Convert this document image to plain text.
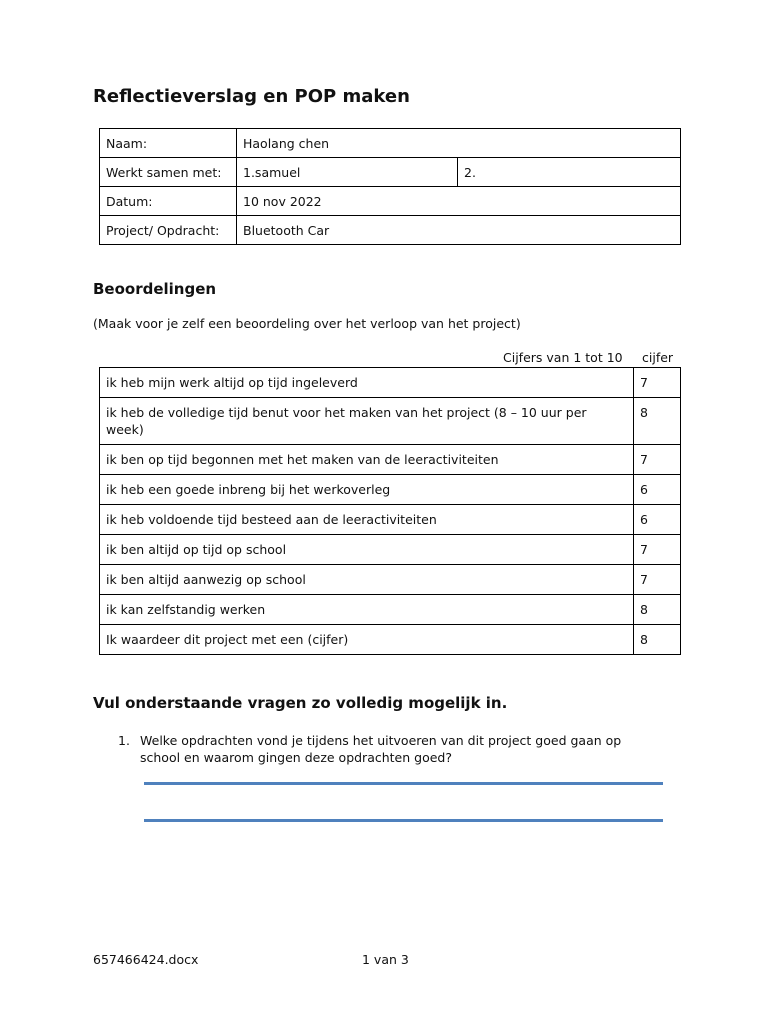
Reflectieverslag en POP maken
Naam:	Haolang chen	
Werkt samen met:	1.samuel	2.
Datum:	10 nov 2022	
Project/ Opdracht:	Bluetooth Car	
Beoordelingen
(Maak voor je zelf een beoordeling over het verloop van het project)
Cijfers van 1 tot 10 cijfer
ik heb mijn werk altijd op tijd ingeleverd	7
ik heb de volledige tijd benut voor het maken van het project (8 – 10 uur per week)	8
ik ben op tijd begonnen met het maken van de leeractiviteiten	7
ik heb een goede inbreng bij het werkoverleg	6
ik heb voldoende tijd besteed aan de leeractiviteiten	6
ik ben altijd op tijd op school	7
ik ben altijd aanwezig op school	7
ik kan zelfstandig werken	8
Ik waardeer dit project met een (cijfer)	8
Vul onderstaande vragen zo volledig mogelijk in.
1. Welke opdrachten vond je tijdens het uitvoeren van dit project goed gaan op school en waarom gingen deze opdrachten goed?
657466424.docx	1 van 3
